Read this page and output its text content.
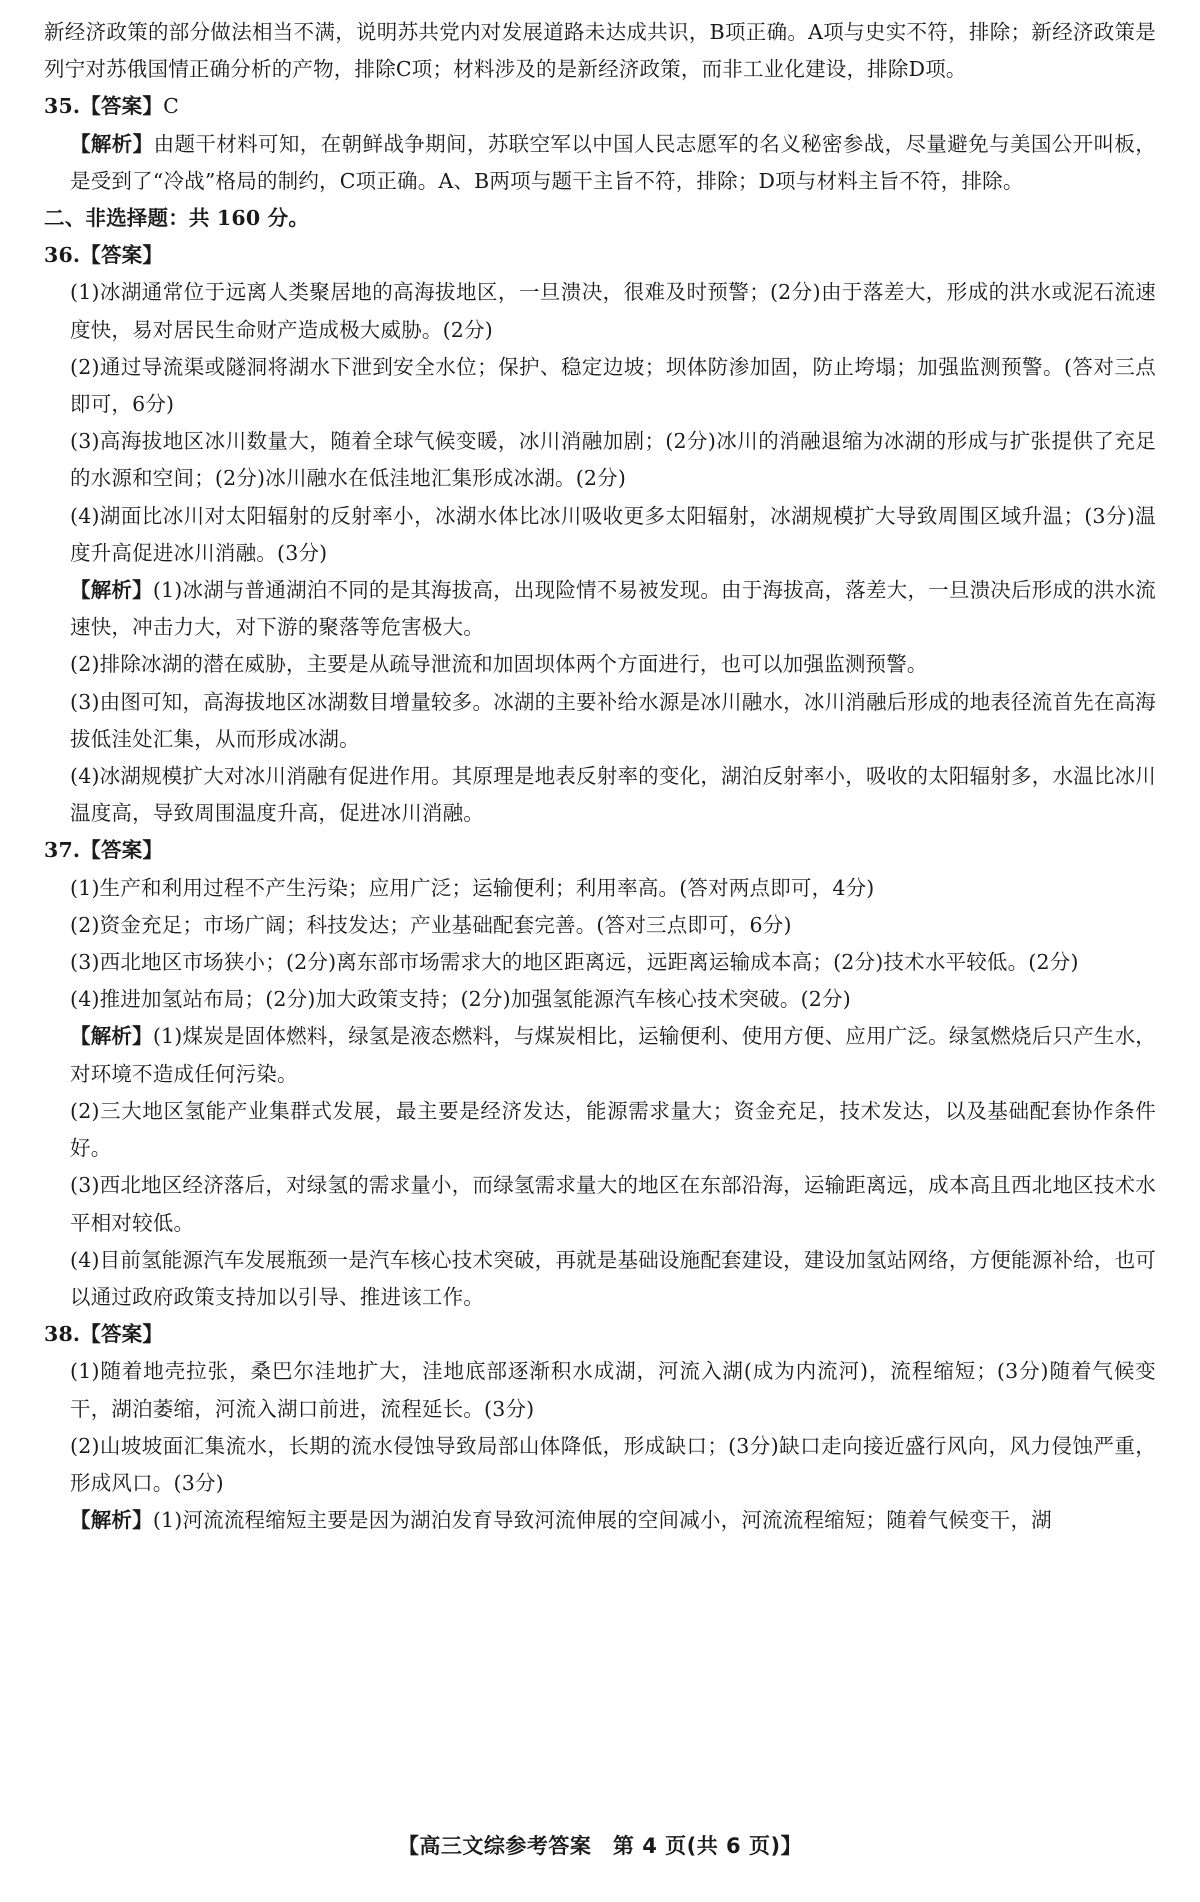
新经济政策的部分做法相当不满，说明苏共党内对发展道路未达成共识，B项正确。A项与史实不符，排除；新经济政策是列宁对苏俄国情正确分析的产物，排除C项；材料涉及的是新经济政策，而非工业化建设，排除D项。

35.【答案】C

【解析】由题干材料可知，在朝鲜战争期间，苏联空军以中国人民志愿军的名义秘密参战，尽量避免与美国公开叫板，是受到了“冷战”格局的制约，C项正确。A、B两项与题干主旨不符，排除；D项与材料主旨不符，排除。

二、非选择题：共 160 分。

36.【答案】

(1)冰湖通常位于远离人类聚居地的高海拔地区，一旦溃决，很难及时预警；(2分)由于落差大，形成的洪水或泥石流速度快，易对居民生命财产造成极大威胁。(2分)

(2)通过导流渠或隧洞将湖水下泄到安全水位；保护、稳定边坡；坝体防渗加固，防止垮塌；加强监测预警。(答对三点即可，6分)

(3)高海拔地区冰川数量大，随着全球气候变暖，冰川消融加剧；(2分)冰川的消融退缩为冰湖的形成与扩张提供了充足的水源和空间；(2分)冰川融水在低洼地汇集形成冰湖。(2分)

(4)湖面比冰川对太阳辐射的反射率小，冰湖水体比冰川吸收更多太阳辐射，冰湖规模扩大导致周围区域升温；(3分)温度升高促进冰川消融。(3分)

【解析】(1)冰湖与普通湖泊不同的是其海拔高，出现险情不易被发现。由于海拔高，落差大，一旦溃决后形成的洪水流速快，冲击力大，对下游的聚落等危害极大。

(2)排除冰湖的潜在威胁，主要是从疏导泄流和加固坝体两个方面进行，也可以加强监测预警。

(3)由图可知，高海拔地区冰湖数目增量较多。冰湖的主要补给水源是冰川融水，冰川消融后形成的地表径流首先在高海拔低洼处汇集，从而形成冰湖。

(4)冰湖规模扩大对冰川消融有促进作用。其原理是地表反射率的变化，湖泊反射率小，吸收的太阳辐射多，水温比冰川温度高，导致周围温度升高，促进冰川消融。

37.【答案】

(1)生产和利用过程不产生污染；应用广泛；运输便利；利用率高。(答对两点即可，4分)

(2)资金充足；市场广阔；科技发达；产业基础配套完善。(答对三点即可，6分)

(3)西北地区市场狭小；(2分)离东部市场需求大的地区距离远，远距离运输成本高；(2分)技术水平较低。(2分)

(4)推进加氢站布局；(2分)加大政策支持；(2分)加强氢能源汽车核心技术突破。(2分)

【解析】(1)煤炭是固体燃料，绿氢是液态燃料，与煤炭相比，运输便利、使用方便、应用广泛。绿氢燃烧后只产生水，对环境不造成任何污染。

(2)三大地区氢能产业集群式发展，最主要是经济发达，能源需求量大；资金充足，技术发达，以及基础配套协作条件好。

(3)西北地区经济落后，对绿氢的需求量小，而绿氢需求量大的地区在东部沿海，运输距离远，成本高且西北地区技术水平相对较低。

(4)目前氢能源汽车发展瓶颈一是汽车核心技术突破，再就是基础设施配套建设，建设加氢站网络，方便能源补给，也可以通过政府政策支持加以引导、推进该工作。

38.【答案】

(1)随着地壳拉张，桑巴尔洼地扩大，洼地底部逐渐积水成湖，河流入湖(成为内流河)，流程缩短；(3分)随着气候变干，湖泊萎缩，河流入湖口前进，流程延长。(3分)

(2)山坡坡面汇集流水，长期的流水侵蚀导致局部山体降低，形成缺口；(3分)缺口走向接近盛行风向，风力侵蚀严重，形成风口。(3分)

【解析】(1)河流流程缩短主要是因为湖泊发育导致河流伸展的空间减小，河流流程缩短；随着气候变干，湖

【高三文综参考答案　第 4 页(共 6 页)】
